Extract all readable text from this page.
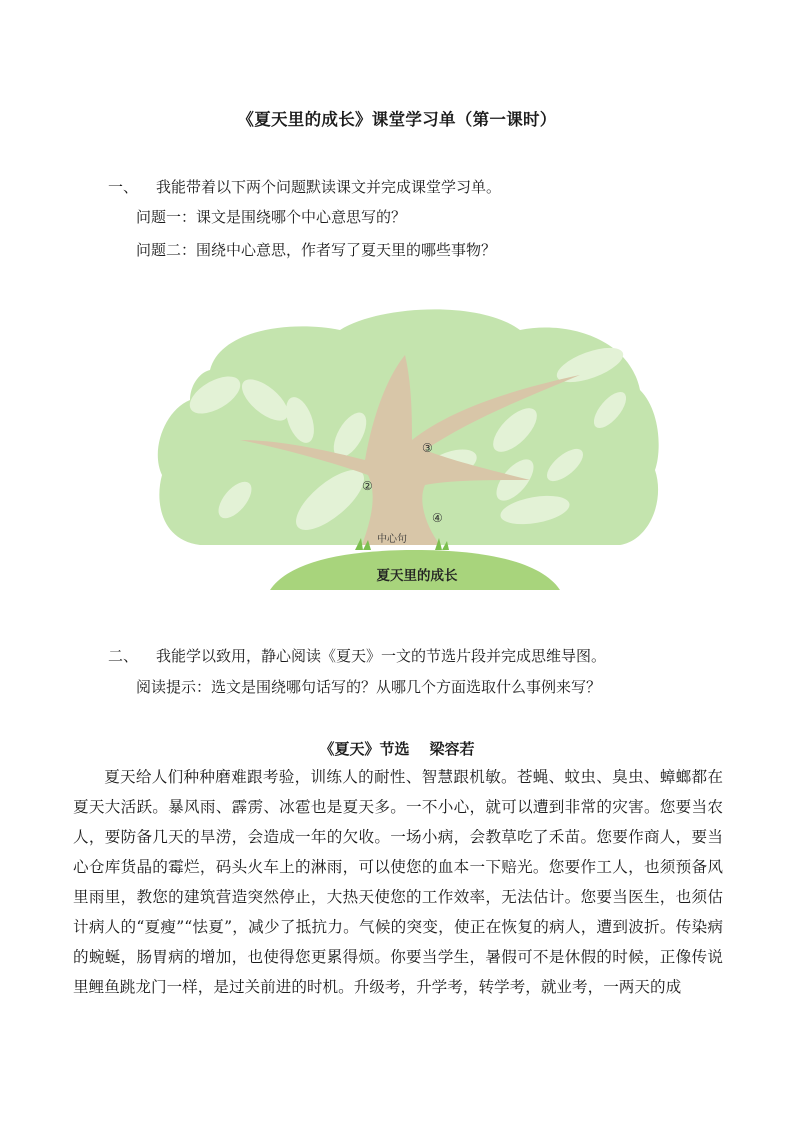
《夏天里的成长》课堂学习单（第一课时）
一、 我能带着以下两个问题默读课文并完成课堂学习单。
问题一：课文是围绕哪个中心意思写的？
问题二：围绕中心意思，作者写了夏天里的哪些事物？
②
③
④
中心句
夏天里的成长
二、 我能学以致用，静心阅读《夏天》一文的节选片段并完成思维导图。
阅读提示：选文是围绕哪句话写的？从哪几个方面选取什么事例来写？
《夏天》节选 梁容若

夏天给人们种种磨难跟考验，训练人的耐性、智慧跟机敏。苍蝇、蚊虫、臭虫、蟑螂都在夏天大活跃。暴风雨、霹雳、冰雹也是夏天多。一不小心，就可以遭到非常的灾害。您要当农人，要防备几天的旱涝，会造成一年的欠收。一场小病，会教草吃了禾苗。您要作商人，要当心仓库货晶的霉烂，码头火车上的淋雨，可以使您的血本一下赔光。您要作工人，也须预备风里雨里，教您的建筑营造突然停止，大热天使您的工作效率，无法估计。您要当医生，也须估计病人的“夏瘦”“怯夏”，减少了抵抗力。气候的突变，使正在恢复的病人，遭到波折。传染病的蜿蜒，肠胃病的增加，也使得您更累得烦。你要当学生，暑假可不是休假的时候，正像传说里鲤鱼跳龙门一样，是过关前进的时机。升级考，升学考，转学考，就业考，一两天的成
